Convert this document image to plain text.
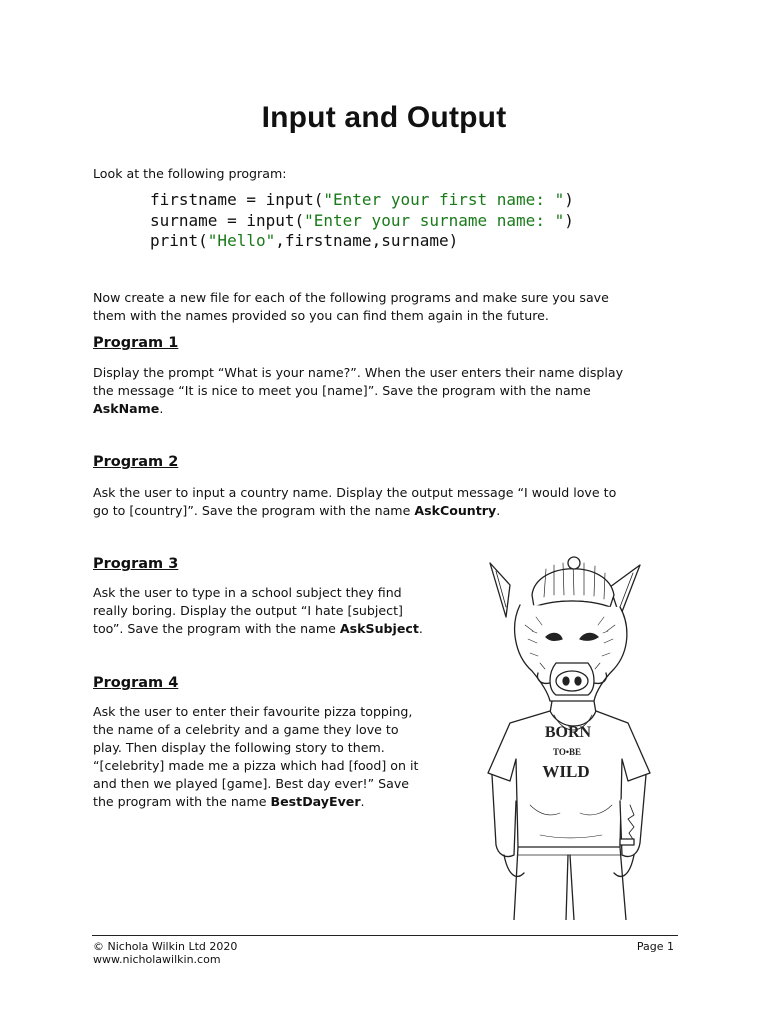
Input and Output

Look at the following program:

firstname = input("Enter your first name: ")
surname = input("Enter your surname name: ")
print("Hello",firstname,surname)

Now create a new file for each of the following programs and make sure you save

them with the names provided so you can find them again in the future.

Program 1

Display the prompt “What is your name?”. When the user enters their name display

the message “It is nice to meet you [name]”. Save the program with the name

AskName.

Program 2

Ask the user to input a country name. Display the output message “I would love to

go to [country]”. Save the program with the name AskCountry.

Program 3

Ask the user to type in a school subject they find

really boring. Display the output “I hate [subject]

too”. Save the program with the name AskSubject.

Program 4

Ask the user to enter their favourite pizza topping,

the name of a celebrity and a game they love to

play. Then display the following story to them.

“[celebrity] made me a pizza which had [food] on it

and then we played [game]. Best day ever!” Save

the program with the name BestDayEver.

BORN
TO•BE
WILD

© Nichola Wilkin Ltd 2020

www.nicholawilkin.com

Page 1
